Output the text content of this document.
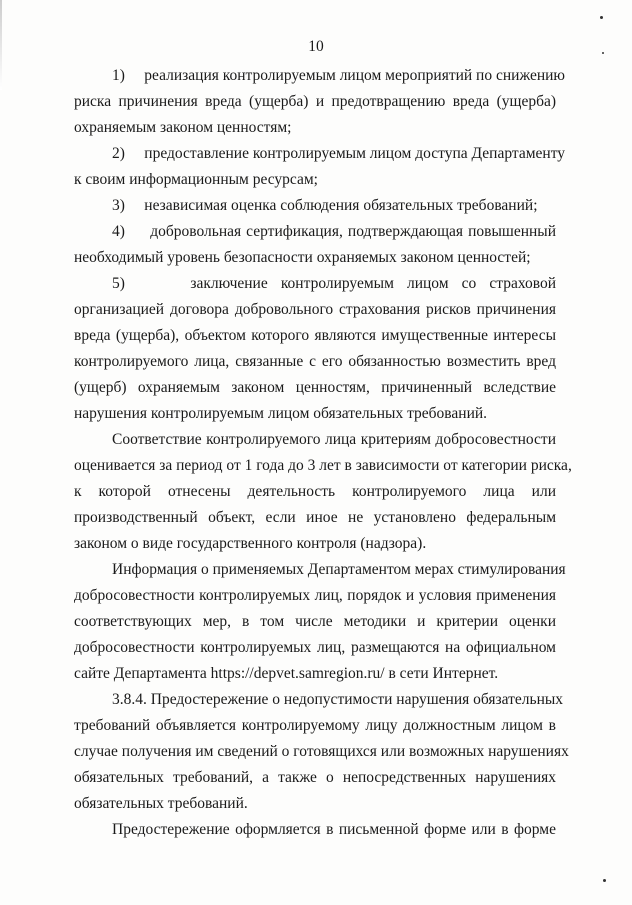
10
1)     реализация контролируемым лицом мероприятий по снижению
риска причинения вреда (ущерба) и предотвращению вреда (ущерба)
охраняемым законом ценностям;
2)     предоставление контролируемым лицом доступа Департаменту
к своим информационным ресурсам;
3)     независимая оценка соблюдения обязательных требований;
4)     добровольная сертификация, подтверждающая повышенный
необходимый уровень безопасности охраняемых законом ценностей;
5)     заключение контролируемым лицом со страховой
организацией договора добровольного страхования рисков причинения
вреда (ущерба), объектом которого являются имущественные интересы
контролируемого лица, связанные с его обязанностью возместить вред
(ущерб) охраняемым законом ценностям, причиненный вследствие
нарушения контролируемым лицом обязательных требований.
Соответствие контролируемого лица критериям добросовестности
оценивается за период от 1 года до 3 лет в зависимости от категории риска,
к которой отнесены деятельность контролируемого лица или
производственный объект, если иное не установлено федеральным
законом о виде государственного контроля (надзора).
Информация о применяемых Департаментом мерах стимулирования
добросовестности контролируемых лиц, порядок и условия применения
соответствующих мер, в том числе методики и критерии оценки
добросовестности контролируемых лиц, размещаются на официальном
сайте Департамента https://depvet.samregion.ru/ в сети Интернет.
3.8.4. Предостережение о недопустимости нарушения обязательных
требований объявляется контролируемому лицу должностным лицом в
случае получения им сведений о готовящихся или возможных нарушениях
обязательных требований, а также о непосредственных нарушениях
обязательных требований.
Предостережение оформляется в письменной форме или в форме
